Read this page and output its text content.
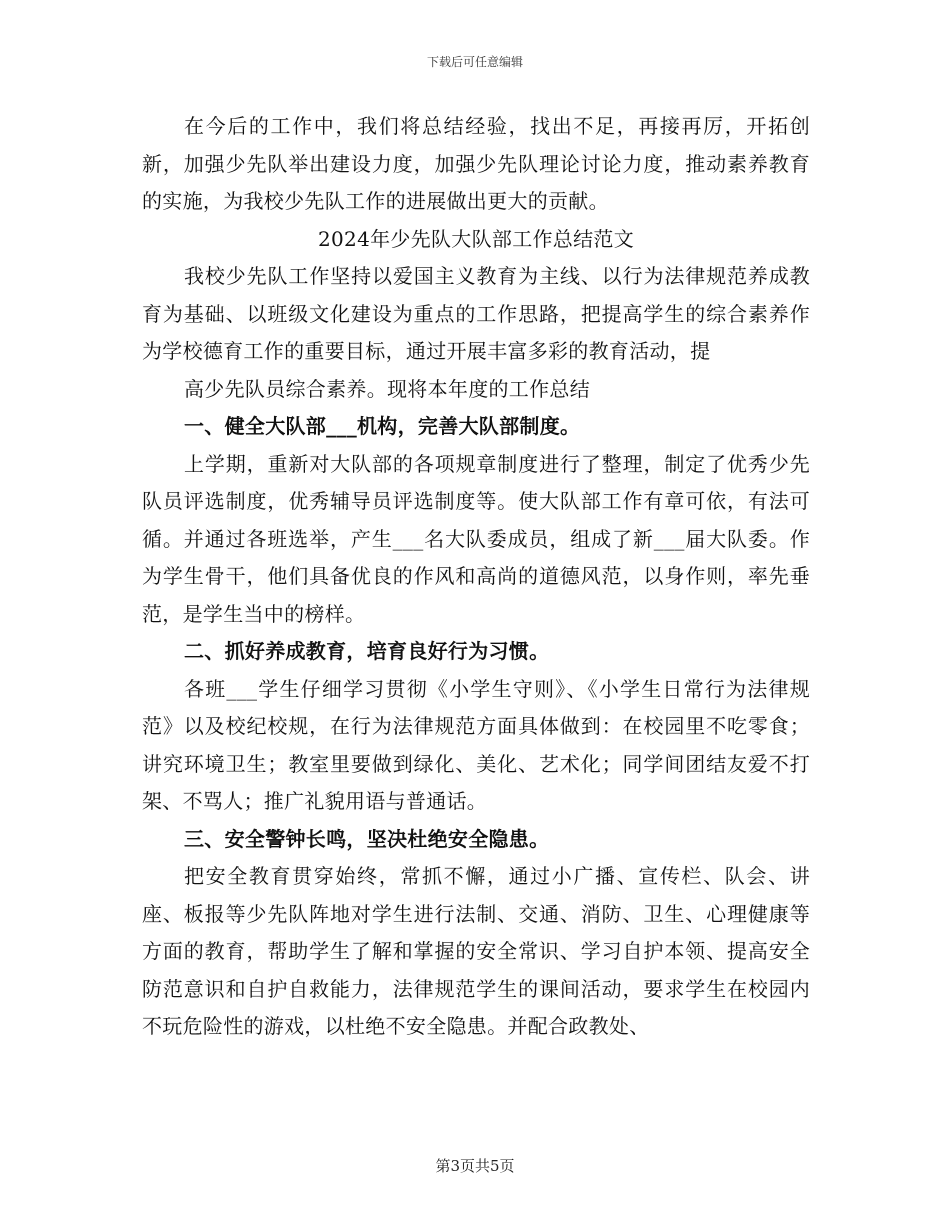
下载后可任意编辑

在今后的工作中，我们将总结经验，找出不足，再接再厉，开拓创新，加强少先队举出建设力度，加强少先队理论讨论力度，推动素养教育的实施，为我校少先队工作的进展做出更大的贡献。

2024年少先队大队部工作总结范文

我校少先队工作坚持以爱国主义教育为主线、以行为法律规范养成教育为基础、以班级文化建设为重点的工作思路，把提高学生的综合素养作为学校德育工作的重要目标，通过开展丰富多彩的教育活动，提

高少先队员综合素养。现将本年度的工作总结

一、健全大队部___机构，完善大队部制度。

上学期，重新对大队部的各项规章制度进行了整理，制定了优秀少先队员评选制度，优秀辅导员评选制度等。使大队部工作有章可依，有法可循。并通过各班选举，产生___名大队委成员，组成了新___届大队委。作为学生骨干，他们具备优良的作风和高尚的道德风范，以身作则，率先垂范，是学生当中的榜样。

二、抓好养成教育，培育良好行为习惯。

各班___学生仔细学习贯彻《小学生守则》、《小学生日常行为法律规范》以及校纪校规，在行为法律规范方面具体做到：在校园里不吃零食；讲究环境卫生；教室里要做到绿化、美化、艺术化；同学间团结友爱不打架、不骂人；推广礼貌用语与普通话。

三、安全警钟长鸣，坚决杜绝安全隐患。

把安全教育贯穿始终，常抓不懈，通过小广播、宣传栏、队会、讲座、板报等少先队阵地对学生进行法制、交通、消防、卫生、心理健康等方面的教育，帮助学生了解和掌握的安全常识、学习自护本领、提高安全防范意识和自护自救能力，法律规范学生的课间活动，要求学生在校园内不玩危险性的游戏，以杜绝不安全隐患。并配合政教处、

第3页共5页
